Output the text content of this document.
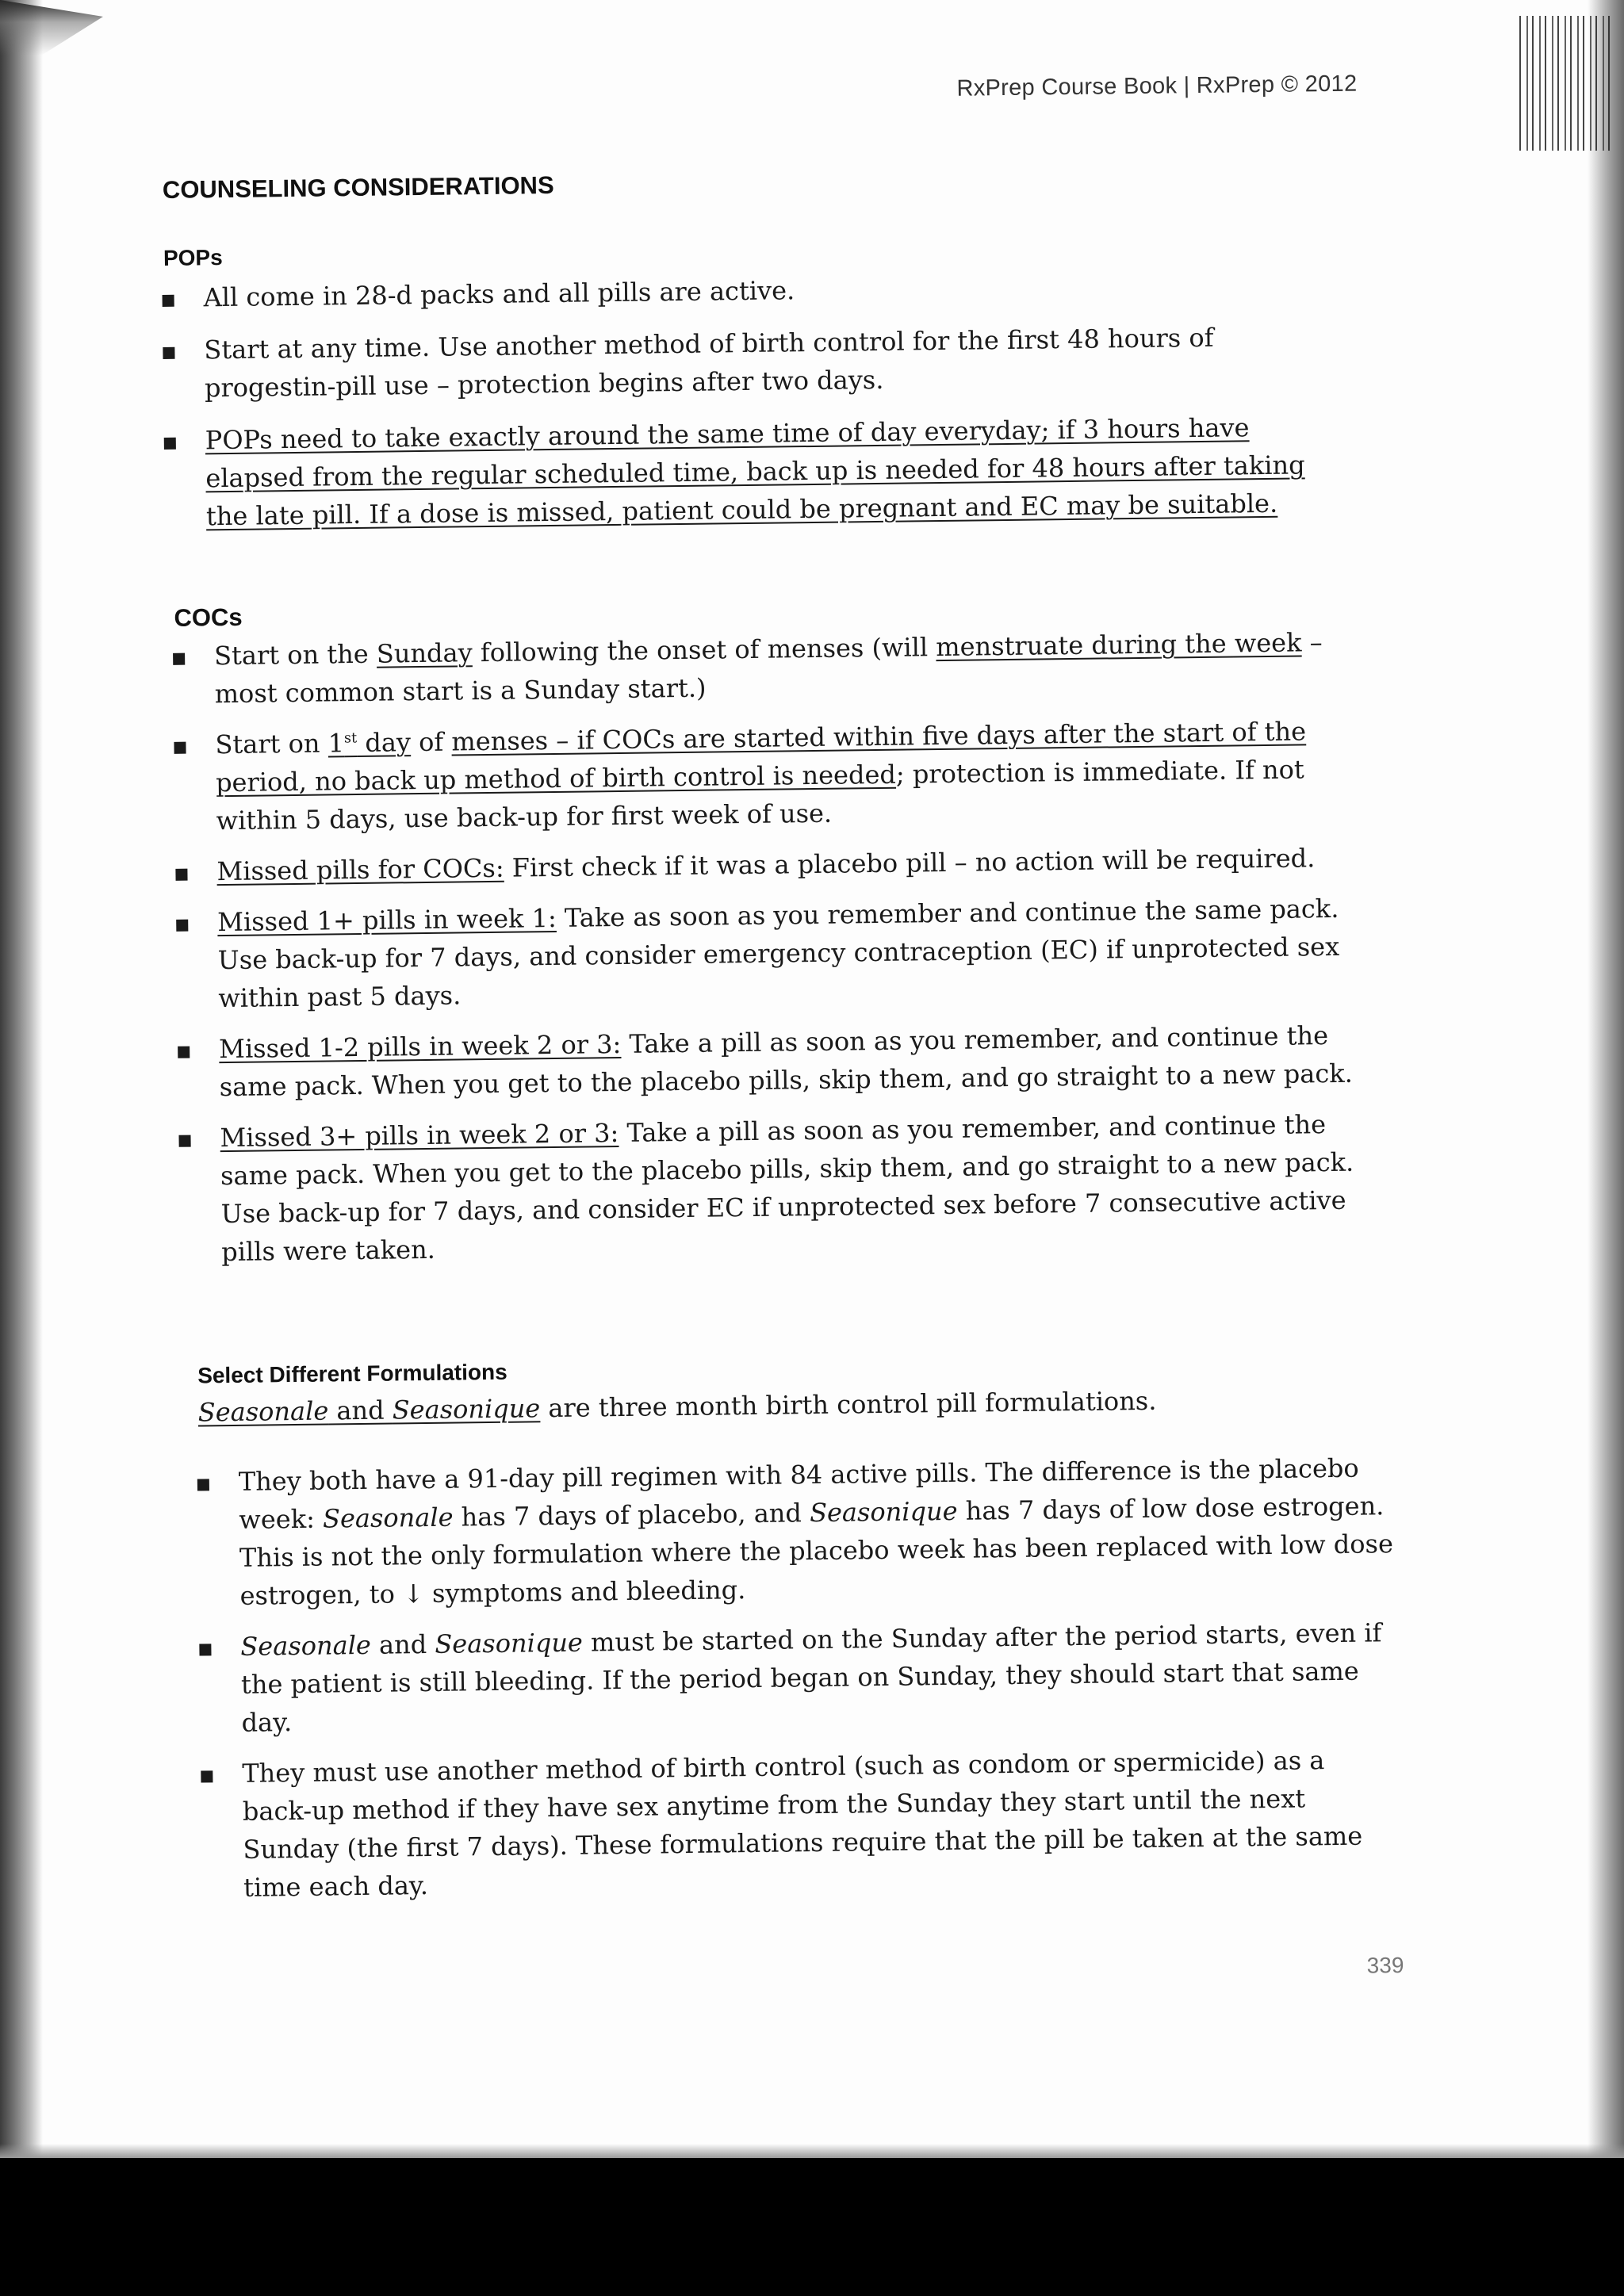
RxPrep Course Book | RxPrep © 2012
COUNSELING CONSIDERATIONS
POPs
All come in 28-d packs and all pills are active.
Start at any time. Use another method of birth control for the first 48 hours of progestin-pill use – protection begins after two days.
POPs need to take exactly around the same time of day everyday; if 3 hours have elapsed from the regular scheduled time, back up is needed for 48 hours after taking the late pill. If a dose is missed, patient could be pregnant and EC may be suitable.
COCs
Start on the Sunday following the onset of menses (will menstruate during the week – most common start is a Sunday start.)
Start on 1st day of menses – if COCs are started within five days after the start of the period, no back up method of birth control is needed; protection is immediate. If not within 5 days, use back-up for first week of use.
Missed pills for COCs: First check if it was a placebo pill – no action will be required.
Missed 1+ pills in week 1: Take as soon as you remember and continue the same pack. Use back-up for 7 days, and consider emergency contraception (EC) if unprotected sex within past 5 days.
Missed 1-2 pills in week 2 or 3: Take a pill as soon as you remember, and continue the same pack. When you get to the placebo pills, skip them, and go straight to a new pack.
Missed 3+ pills in week 2 or 3: Take a pill as soon as you remember, and continue the same pack. When you get to the placebo pills, skip them, and go straight to a new pack. Use back-up for 7 days, and consider EC if unprotected sex before 7 consecutive active pills were taken.
Select Different Formulations

Seasonale and Seasonique are three month birth control pill formulations.

They both have a 91-day pill regimen with 84 active pills. The difference is the placebo week: Seasonale has 7 days of placebo, and Seasonique has 7 days of low dose estrogen. This is not the only formulation where the placebo week has been replaced with low dose estrogen, to ↓ symptoms and bleeding.
Seasonale and Seasonique must be started on the Sunday after the period starts, even if the patient is still bleeding. If the period began on Sunday, they should start that same day.
They must use another method of birth control (such as condom or spermicide) as a back-up method if they have sex anytime from the Sunday they start until the next Sunday (the first 7 days). These formulations require that the pill be taken at the same time each day.
339
